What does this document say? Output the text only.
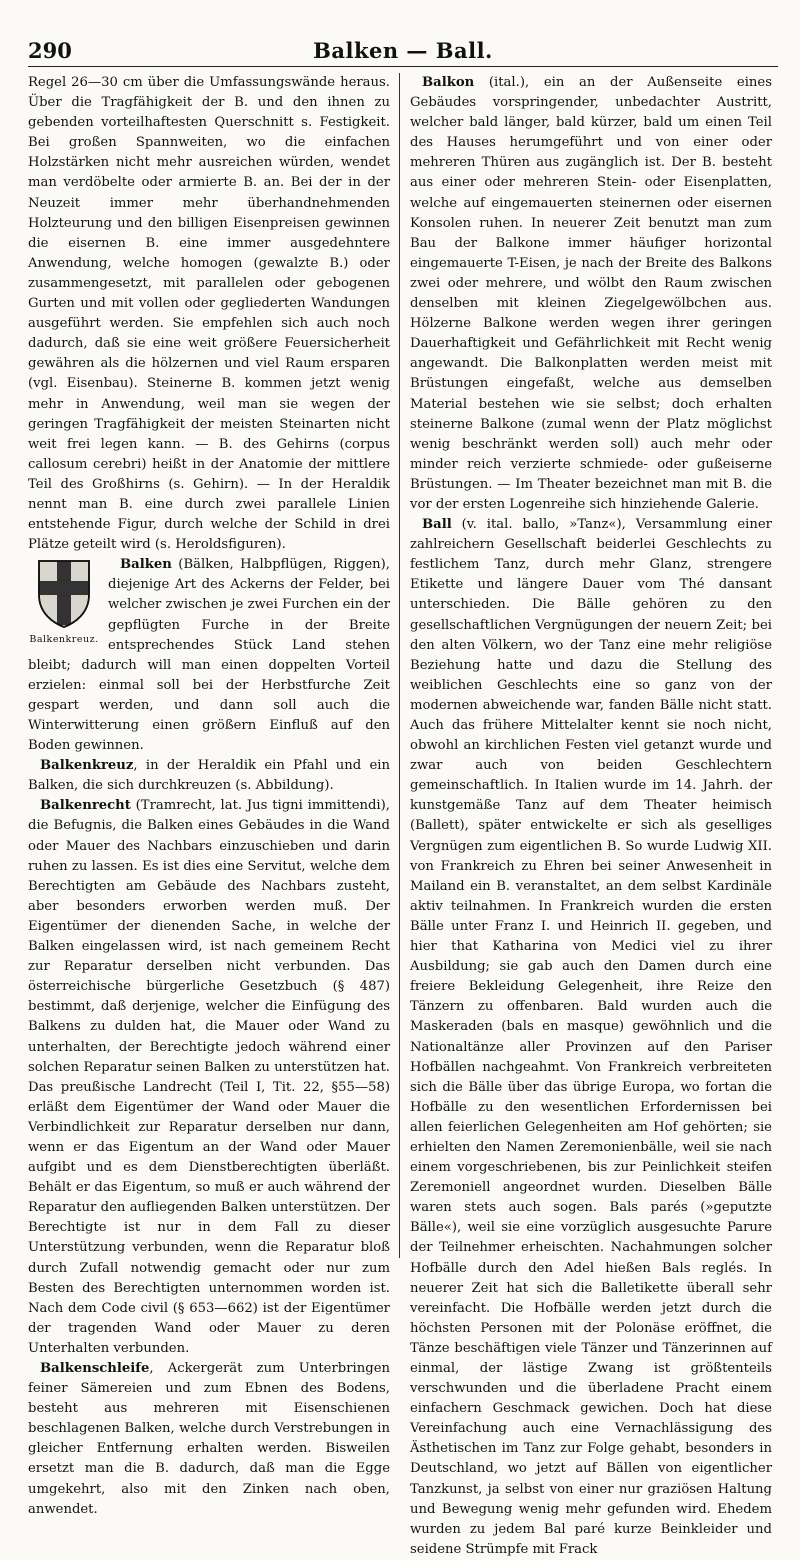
290	Balken — Ball.

Regel 26—30 cm über die Umfassungswände heraus. Über die Tragfähigkeit der B. und den ihnen zu gebenden vorteilhaftesten Querschnitt s. Festigkeit. Bei großen Spannweiten, wo die einfachen Holzstärken nicht mehr ausreichen würden, wendet man verdöbelte oder armierte B. an. Bei der in der Neuzeit immer mehr überhandnehmenden Holzteurung und den billigen Eisenpreisen gewinnen die eisernen B. eine immer ausgedehntere Anwendung, welche homogen (gewalzte B.) oder zusammengesetzt, mit parallelen oder gebogenen Gurten und mit vollen oder gegliederten Wandungen ausgeführt werden. Sie empfehlen sich auch noch dadurch, daß sie eine weit größere Feuersicherheit gewähren als die hölzernen und viel Raum ersparen (vgl. Eisenbau). Steinerne B. kommen jetzt wenig mehr in Anwendung, weil man sie wegen der geringen Tragfähigkeit der meisten Steinarten nicht weit frei legen kann. — B. des Gehirns (corpus callosum cerebri) heißt in der Anatomie der mittlere Teil des Großhirns (s. Gehirn). — In der Heraldik nennt man B. eine durch zwei parallele Linien entstehende Figur, durch welche der Schild in drei Plätze geteilt wird (s. Heroldsfiguren).

Balkenkreuz.
Balken (Bälken, Halbpflügen, Riggen), diejenige Art des Ackerns der Felder, bei welcher zwischen je zwei Furchen ein der gepflügten Furche in der Breite entsprechendes Stück Land stehen bleibt; dadurch will man einen doppelten Vorteil erzielen: einmal soll bei der Herbstfurche Zeit gespart werden, und dann soll auch die Winterwitterung einen größern Einfluß auf den Boden gewinnen.

Balkenkreuz, in der Heraldik ein Pfahl und ein Balken, die sich durchkreuzen (s. Abbildung).

Balkenrecht (Tramrecht, lat. Jus tigni immittendi), die Befugnis, die Balken eines Gebäudes in die Wand oder Mauer des Nachbars einzuschieben und darin ruhen zu lassen. Es ist dies eine Servitut, welche dem Berechtigten am Gebäude des Nachbars zusteht, aber besonders erworben werden muß. Der Eigentümer der dienenden Sache, in welche der Balken eingelassen wird, ist nach gemeinem Recht zur Reparatur derselben nicht verbunden. Das österreichische bürgerliche Gesetzbuch (§ 487) bestimmt, daß derjenige, welcher die Einfügung des Balkens zu dulden hat, die Mauer oder Wand zu unterhalten, der Berechtigte jedoch während einer solchen Reparatur seinen Balken zu unterstützen hat. Das preußische Landrecht (Teil I, Tit. 22, §55—58) erläßt dem Eigentümer der Wand oder Mauer die Verbindlichkeit zur Reparatur derselben nur dann, wenn er das Eigentum an der Wand oder Mauer aufgibt und es dem Dienstberechtigten überläßt. Behält er das Eigentum, so muß er auch während der Reparatur den aufliegenden Balken unterstützen. Der Berechtigte ist nur in dem Fall zu dieser Unterstützung verbunden, wenn die Reparatur bloß durch Zufall notwendig gemacht oder nur zum Besten des Berechtigten unternommen worden ist. Nach dem Code civil (§ 653—662) ist der Eigentümer der tragenden Wand oder Mauer zu deren Unterhalten verbunden.

Balkenschleife, Ackergerät zum Unterbringen feiner Sämereien und zum Ebnen des Bodens, besteht aus mehreren mit Eisenschienen beschlagenen Balken, welche durch Verstrebungen in gleicher Entfernung erhalten werden. Bisweilen ersetzt man die B. dadurch, daß man die Egge umgekehrt, also mit den Zinken nach oben, anwendet.

Balkon (ital.), ein an der Außenseite eines Gebäudes vorspringender, unbedachter Austritt, welcher bald länger, bald kürzer, bald um einen Teil des Hauses herumgeführt und von einer oder mehreren Thüren aus zugänglich ist. Der B. besteht aus einer oder mehreren Stein- oder Eisenplatten, welche auf eingemauerten steinernen oder eisernen Konsolen ruhen. In neuerer Zeit benutzt man zum Bau der Balkone immer häufiger horizontal eingemauerte T-Eisen, je nach der Breite des Balkons zwei oder mehrere, und wölbt den Raum zwischen denselben mit kleinen Ziegelgewölbchen aus. Hölzerne Balkone werden wegen ihrer geringen Dauerhaftigkeit und Gefährlichkeit mit Recht wenig angewandt. Die Balkonplatten werden meist mit Brüstungen eingefaßt, welche aus demselben Material bestehen wie sie selbst; doch erhalten steinerne Balkone (zumal wenn der Platz möglichst wenig beschränkt werden soll) auch mehr oder minder reich verzierte schmiede- oder gußeiserne Brüstungen. — Im Theater bezeichnet man mit B. die vor der ersten Logenreihe sich hinziehende Galerie.

Ball (v. ital. ballo, »Tanz«), Versammlung einer zahlreichern Gesellschaft beiderlei Geschlechts zu festlichem Tanz, durch mehr Glanz, strengere Etikette und längere Dauer vom Thé dansant unterschieden. Die Bälle gehören zu den gesellschaftlichen Vergnügungen der neuern Zeit; bei den alten Völkern, wo der Tanz eine mehr religiöse Beziehung hatte und dazu die Stellung des weiblichen Geschlechts eine so ganz von der modernen abweichende war, fanden Bälle nicht statt. Auch das frühere Mittelalter kennt sie noch nicht, obwohl an kirchlichen Festen viel getanzt wurde und zwar auch von beiden Geschlechtern gemeinschaftlich. In Italien wurde im 14. Jahrh. der kunstgemäße Tanz auf dem Theater heimisch (Ballett), später entwickelte er sich als geselliges Vergnügen zum eigentlichen B. So wurde Ludwig XII. von Frankreich zu Ehren bei seiner Anwesenheit in Mailand ein B. veranstaltet, an dem selbst Kardinäle aktiv teilnahmen. In Frankreich wurden die ersten Bälle unter Franz I. und Heinrich II. gegeben, und hier that Katharina von Medici viel zu ihrer Ausbildung; sie gab auch den Damen durch eine freiere Bekleidung Gelegenheit, ihre Reize den Tänzern zu offenbaren. Bald wurden auch die Maskeraden (bals en masque) gewöhnlich und die Nationaltänze aller Provinzen auf den Pariser Hofbällen nachgeahmt. Von Frankreich verbreiteten sich die Bälle über das übrige Europa, wo fortan die Hofbälle zu den wesentlichen Erfordernissen bei allen feierlichen Gelegenheiten am Hof gehörten; sie erhielten den Namen Zeremonienbälle, weil sie nach einem vorgeschriebenen, bis zur Peinlichkeit steifen Zeremoniell angeordnet wurden. Dieselben Bälle waren stets auch sogen. Bals parés (»geputzte Bälle«), weil sie eine vorzüglich ausgesuchte Parure der Teilnehmer erheischten. Nachahmungen solcher Hofbälle durch den Adel hießen Bals reglés. In neuerer Zeit hat sich die Balletikette überall sehr vereinfacht. Die Hofbälle werden jetzt durch die höchsten Personen mit der Polonäse eröffnet, die Tänze beschäftigen viele Tänzer und Tänzerinnen auf einmal, der lästige Zwang ist größtenteils verschwunden und die überladene Pracht einem einfachern Geschmack gewichen. Doch hat diese Vereinfachung auch eine Vernachlässigung des Ästhetischen im Tanz zur Folge gehabt, besonders in Deutschland, wo jetzt auf Bällen von eigentlicher Tanzkunst, ja selbst von einer nur graziösen Haltung und Bewegung wenig mehr gefunden wird. Ehedem wurden zu jedem Bal paré kurze Beinkleider und seidene Strümpfe mit Frack
